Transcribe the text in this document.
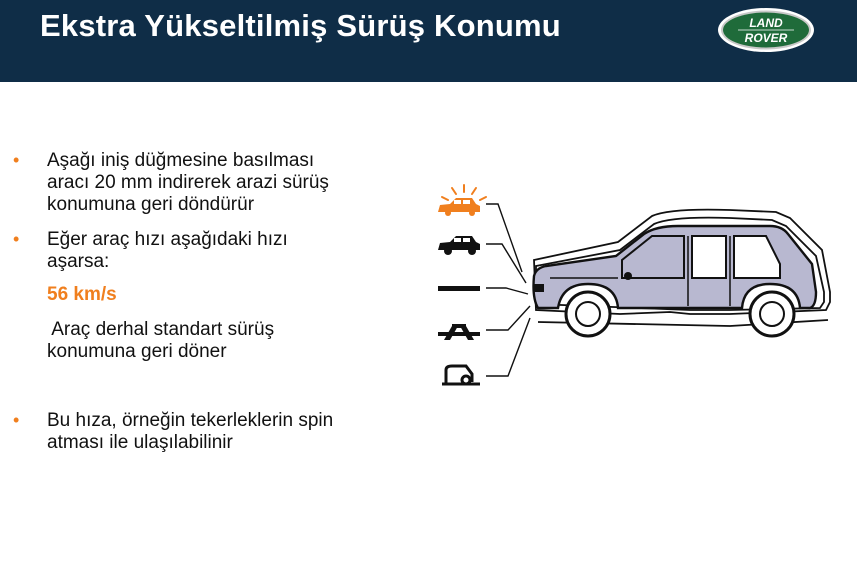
Ekstra Yükseltilmiş Sürüş Konumu	LAND
ROVER
• Aşağı iniş düğmesine basılması
aracı 20 mm indirerek arazi sürüş
konumuna geri döndürür
• Eğer araç hızı aşağıdaki hızı
aşarsa:
56 km/s
Araç derhal standart sürüş
konumuna geri döner
• Bu hıza, örneğin tekerleklerin spin
atması ile ulaşılabilinir
